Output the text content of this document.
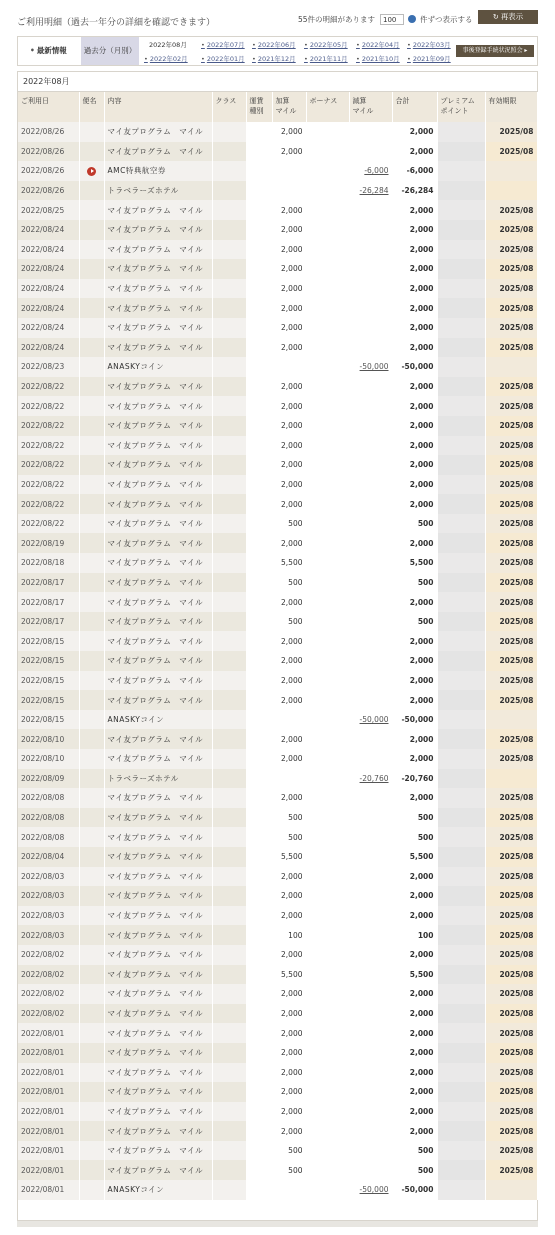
ご利用明細（過去一年分の詳細を確認できます）	55件の明細があります
100	件ずつ表示する	↻ 再表示
• 最新情報	過去分（月別）
2022年08月	• 2022年07月	• 2022年06月	• 2022年05月	• 2022年04月	• 2022年03月
• 2022年02月	• 2022年01月	• 2021年12月	• 2021年11月	• 2021年10月	• 2021年09月
事後登録手続状況照会 ▸
2022年08月
ご利用日	便名	内容	クラス	運賃
種別	加算
マイル	ボーナス	減算
マイル	合計	プレミアム
ポイント	有効期限
2022/08/26		マイ友プログラム　マイル			2,000			2,000		2025/08
2022/08/26		マイ友プログラム　マイル			2,000			2,000		2025/08
2022/08/26		AMC特典航空券					-6,000	-6,000		
2022/08/26		トラベラーズホテル					-26,284	-26,284		
2022/08/25		マイ友プログラム　マイル			2,000			2,000		2025/08
2022/08/24		マイ友プログラム　マイル			2,000			2,000		2025/08
2022/08/24		マイ友プログラム　マイル			2,000			2,000		2025/08
2022/08/24		マイ友プログラム　マイル			2,000			2,000		2025/08
2022/08/24		マイ友プログラム　マイル			2,000			2,000		2025/08
2022/08/24		マイ友プログラム　マイル			2,000			2,000		2025/08
2022/08/24		マイ友プログラム　マイル			2,000			2,000		2025/08
2022/08/24		マイ友プログラム　マイル			2,000			2,000		2025/08
2022/08/23		ANASKYコイン					-50,000	-50,000		
2022/08/22		マイ友プログラム　マイル			2,000			2,000		2025/08
2022/08/22		マイ友プログラム　マイル			2,000			2,000		2025/08
2022/08/22		マイ友プログラム　マイル			2,000			2,000		2025/08
2022/08/22		マイ友プログラム　マイル			2,000			2,000		2025/08
2022/08/22		マイ友プログラム　マイル			2,000			2,000		2025/08
2022/08/22		マイ友プログラム　マイル			2,000			2,000		2025/08
2022/08/22		マイ友プログラム　マイル			2,000			2,000		2025/08
2022/08/22		マイ友プログラム　マイル			500			500		2025/08
2022/08/19		マイ友プログラム　マイル			2,000			2,000		2025/08
2022/08/18		マイ友プログラム　マイル			5,500			5,500		2025/08
2022/08/17		マイ友プログラム　マイル			500			500		2025/08
2022/08/17		マイ友プログラム　マイル			2,000			2,000		2025/08
2022/08/17		マイ友プログラム　マイル			500			500		2025/08
2022/08/15		マイ友プログラム　マイル			2,000			2,000		2025/08
2022/08/15		マイ友プログラム　マイル			2,000			2,000		2025/08
2022/08/15		マイ友プログラム　マイル			2,000			2,000		2025/08
2022/08/15		マイ友プログラム　マイル			2,000			2,000		2025/08
2022/08/15		ANASKYコイン					-50,000	-50,000		
2022/08/10		マイ友プログラム　マイル			2,000			2,000		2025/08
2022/08/10		マイ友プログラム　マイル			2,000			2,000		2025/08
2022/08/09		トラベラーズホテル					-20,760	-20,760		
2022/08/08		マイ友プログラム　マイル			2,000			2,000		2025/08
2022/08/08		マイ友プログラム　マイル			500			500		2025/08
2022/08/08		マイ友プログラム　マイル			500			500		2025/08
2022/08/04		マイ友プログラム　マイル			5,500			5,500		2025/08
2022/08/03		マイ友プログラム　マイル			2,000			2,000		2025/08
2022/08/03		マイ友プログラム　マイル			2,000			2,000		2025/08
2022/08/03		マイ友プログラム　マイル			2,000			2,000		2025/08
2022/08/03		マイ友プログラム　マイル			100			100		2025/08
2022/08/02		マイ友プログラム　マイル			2,000			2,000		2025/08
2022/08/02		マイ友プログラム　マイル			5,500			5,500		2025/08
2022/08/02		マイ友プログラム　マイル			2,000			2,000		2025/08
2022/08/02		マイ友プログラム　マイル			2,000			2,000		2025/08
2022/08/01		マイ友プログラム　マイル			2,000			2,000		2025/08
2022/08/01		マイ友プログラム　マイル			2,000			2,000		2025/08
2022/08/01		マイ友プログラム　マイル			2,000			2,000		2025/08
2022/08/01		マイ友プログラム　マイル			2,000			2,000		2025/08
2022/08/01		マイ友プログラム　マイル			2,000			2,000		2025/08
2022/08/01		マイ友プログラム　マイル			2,000			2,000		2025/08
2022/08/01		マイ友プログラム　マイル			500			500		2025/08
2022/08/01		マイ友プログラム　マイル			500			500		2025/08
2022/08/01		ANASKYコイン					-50,000	-50,000		
